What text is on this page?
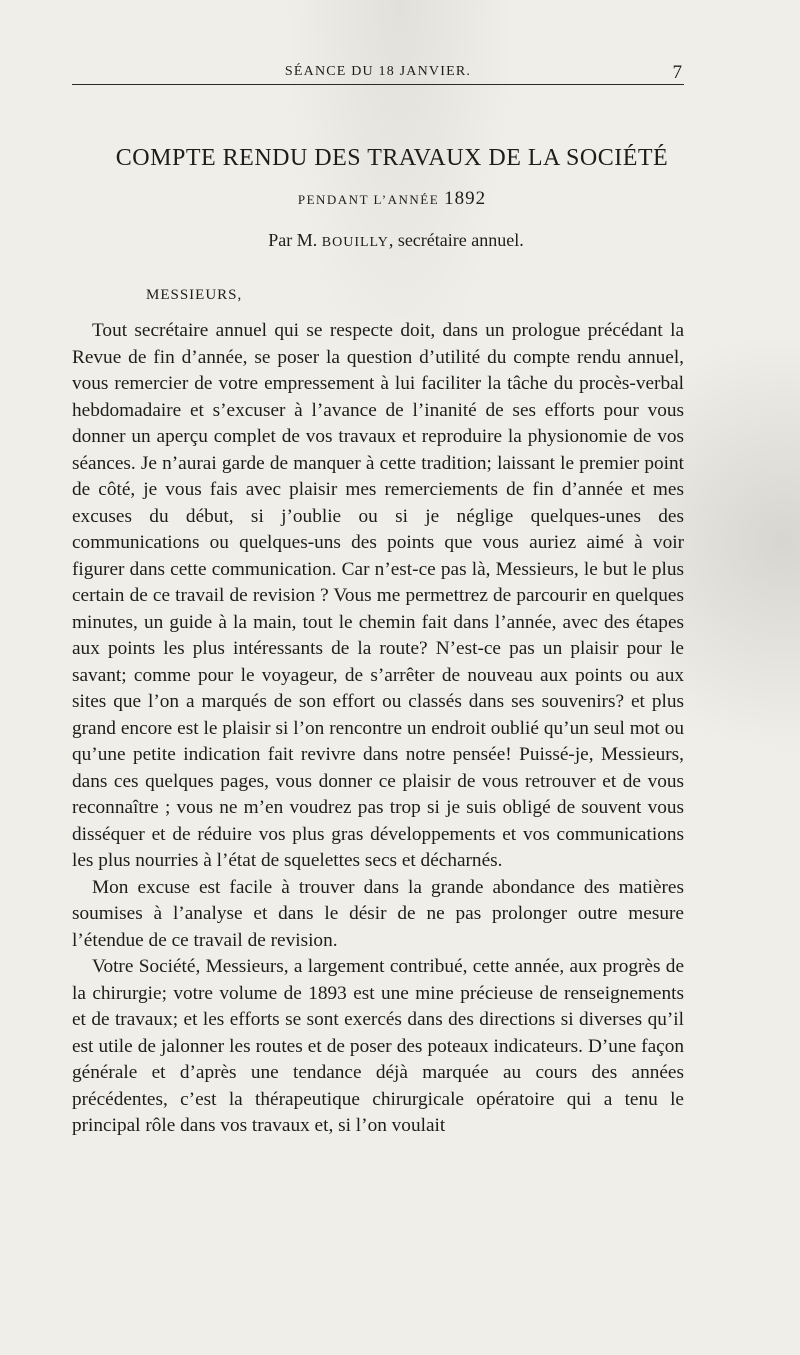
SÉANCE DU 18 JANVIER.	7
COMPTE RENDU DES TRAVAUX DE LA SOCIÉTÉ
PENDANT L’ANNÉE 1892
Par M. BOUILLY, secrétaire annuel.
MESSIEURS,

Tout secrétaire annuel qui se respecte doit, dans un prologue précédant la Revue de fin d’année, se poser la question d’utilité du compte rendu annuel, vous remercier de votre empressement à lui faciliter la tâche du procès-verbal hebdomadaire et s’excuser à l’avance de l’inanité de ses efforts pour vous donner un aperçu complet de vos travaux et reproduire la physionomie de vos séances. Je n’aurai garde de manquer à cette tradition; laissant le premier point de côté, je vous fais avec plaisir mes remerciements de fin d’année et mes excuses du début, si j’oublie ou si je néglige quelques-unes des communications ou quelques-uns des points que vous auriez aimé à voir figurer dans cette communication. Car n’est-ce pas là, Messieurs, le but le plus certain de ce travail de revision ? Vous me permettrez de parcourir en quelques minutes, un guide à la main, tout le chemin fait dans l’année, avec des étapes aux points les plus intéressants de la route? N’est-ce pas un plaisir pour le savant; comme pour le voyageur, de s’arrêter de nouveau aux points ou aux sites que l’on a marqués de son effort ou classés dans ses souvenirs? et plus grand encore est le plaisir si l’on rencontre un endroit oublié qu’un seul mot ou qu’une petite indication fait revivre dans notre pensée! Puissé-je, Messieurs, dans ces quelques pages, vous donner ce plaisir de vous retrouver et de vous reconnaître ; vous ne m’en voudrez pas trop si je suis obligé de souvent vous disséquer et de réduire vos plus gras développements et vos communications les plus nourries à l’état de squelettes secs et décharnés.

Mon excuse est facile à trouver dans la grande abondance des matières soumises à l’analyse et dans le désir de ne pas prolonger outre mesure l’étendue de ce travail de revision.

Votre Société, Messieurs, a largement contribué, cette année, aux progrès de la chirurgie; votre volume de 1893 est une mine précieuse de renseignements et de travaux; et les efforts se sont exercés dans des directions si diverses qu’il est utile de jalonner les routes et de poser des poteaux indicateurs. D’une façon générale et d’après une tendance déjà marquée au cours des années précédentes, c’est la thérapeutique chirurgicale opératoire qui a tenu le principal rôle dans vos travaux et, si l’on voulait
